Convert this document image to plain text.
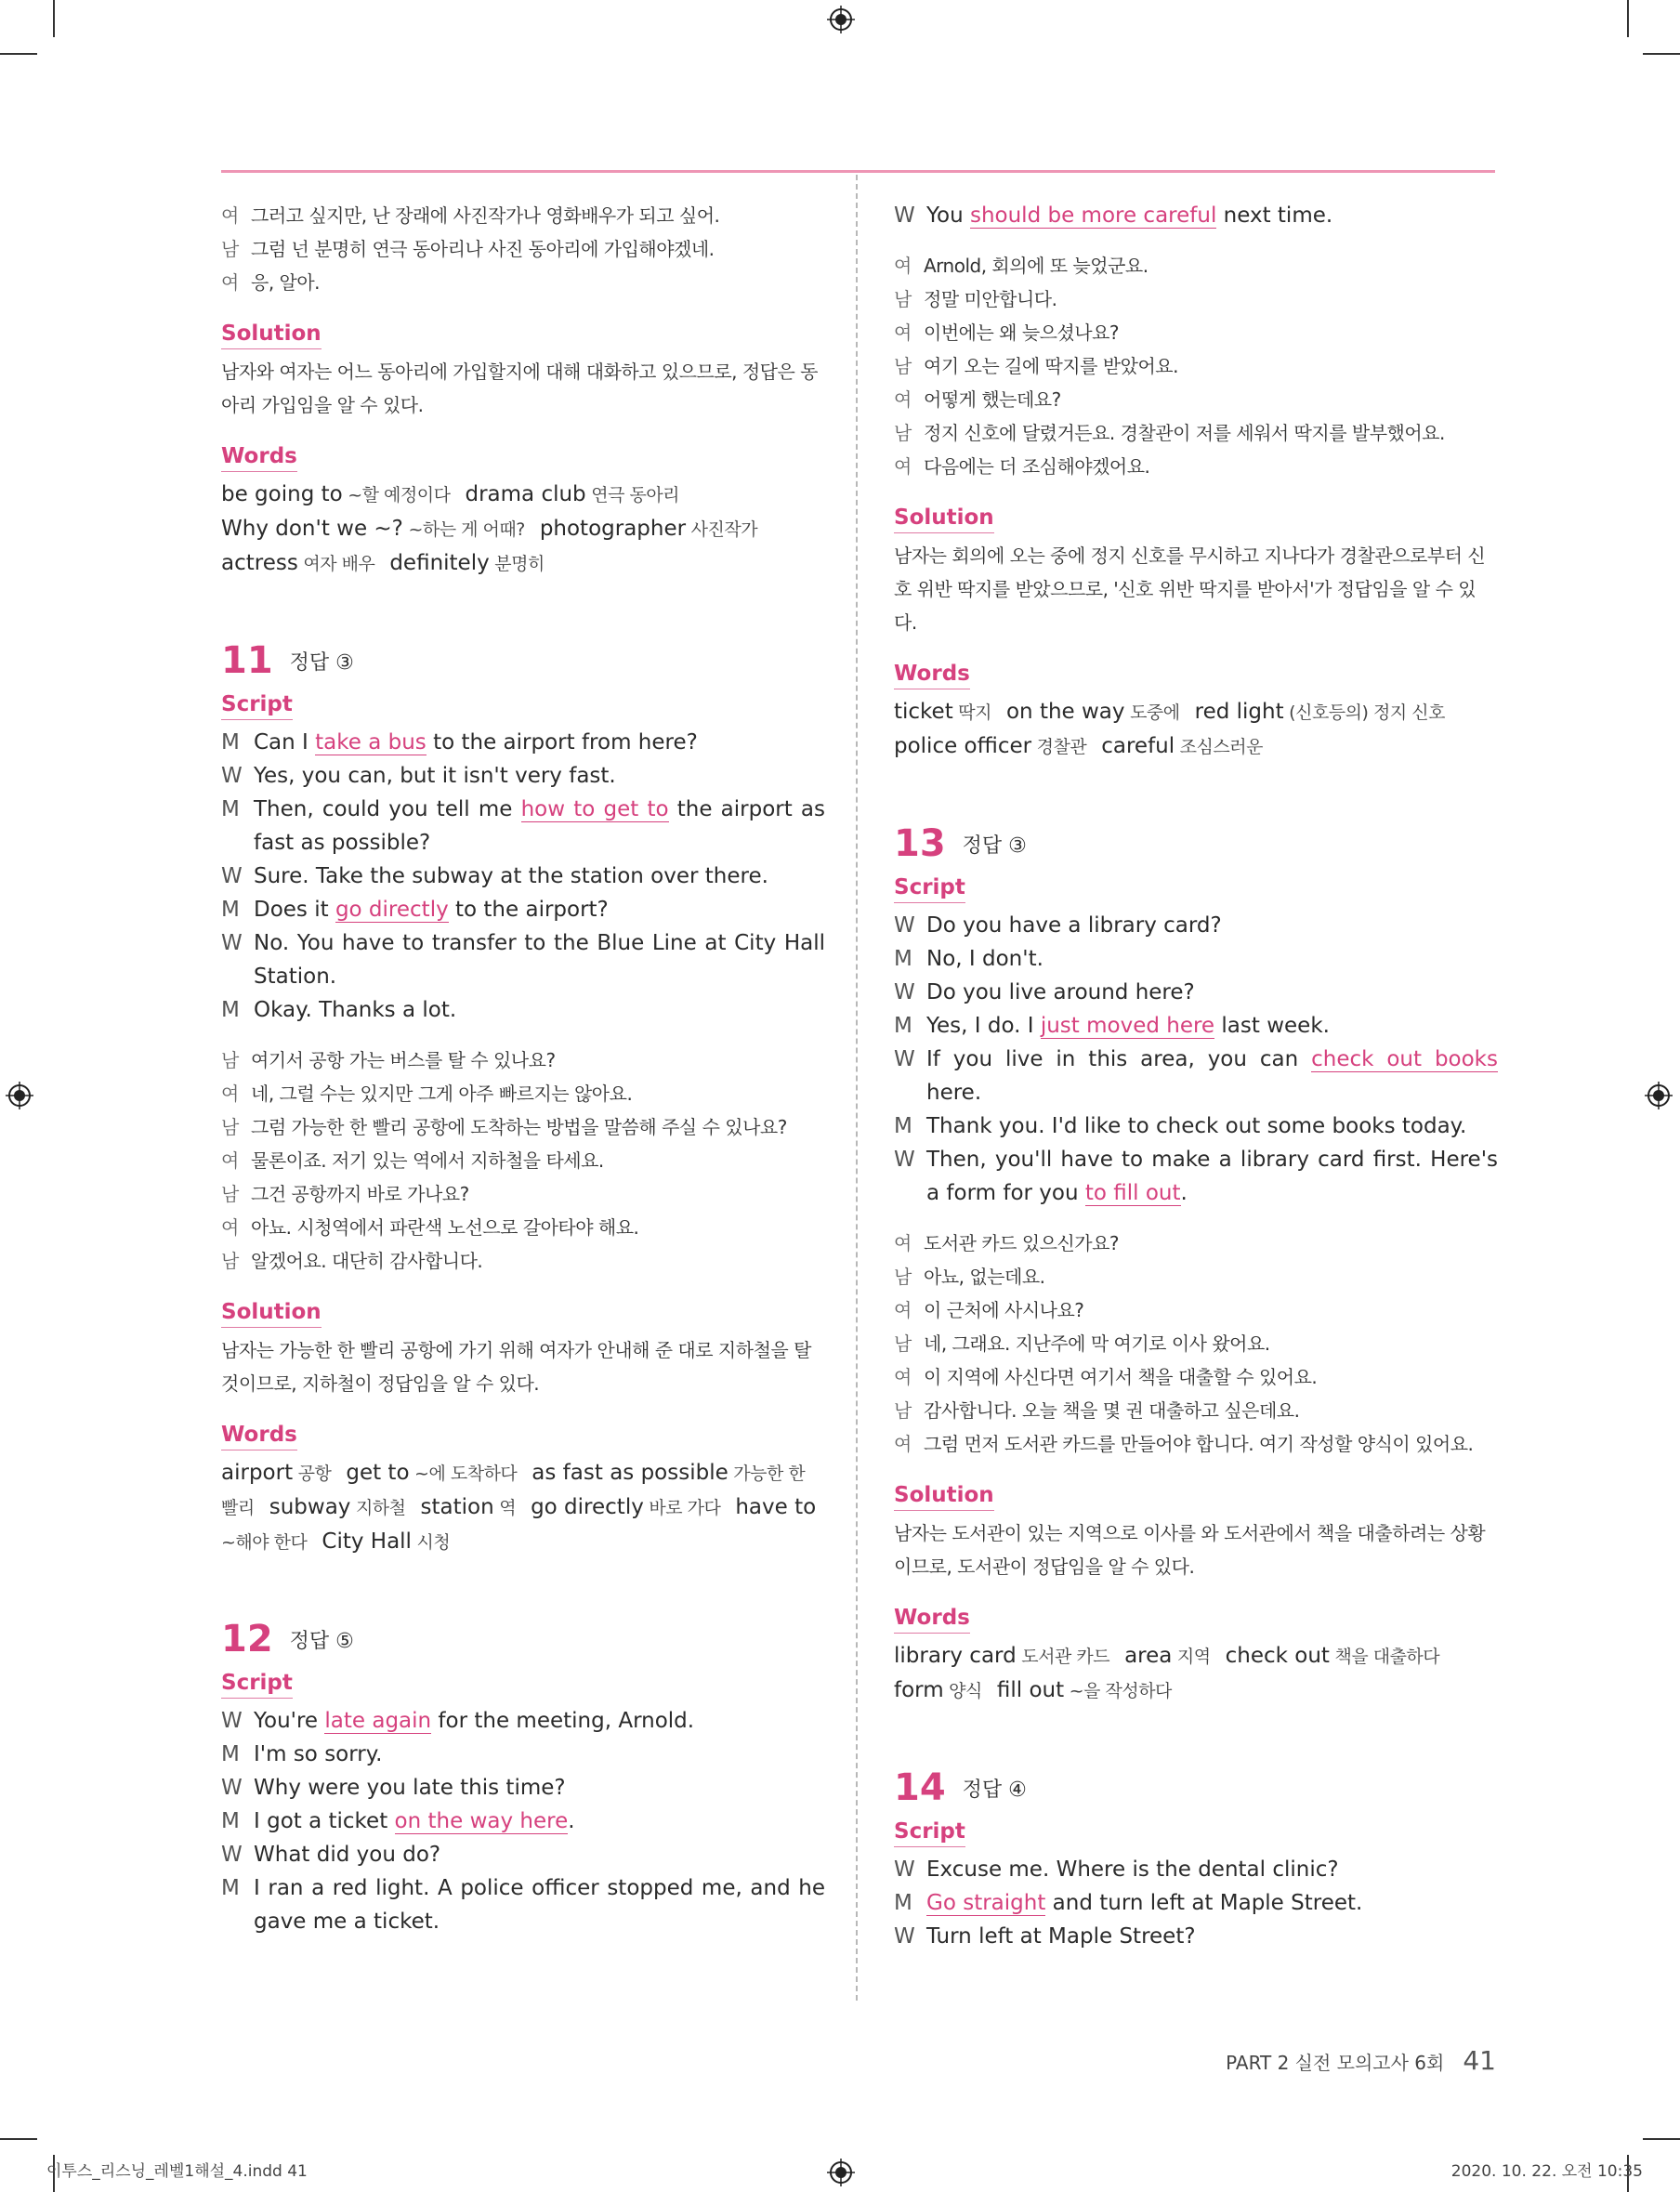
여 그러고 싶지만, 난 장래에 사진작가나 영화배우가 되고 싶어.
남 그럼 넌 분명히 연극 동아리나 사진 동아리에 가입해야겠네.
여 응, 알아.
Solution
남자와 여자는 어느 동아리에 가입할지에 대해 대화하고 있으므로, 정답은 동아리 가입임을 알 수 있다.
Words
be going to ~할 예정이다 drama club 연극 동아리Why don't we ~? ~하는 게 어때? photographer 사진작가actress 여자 배우 definitely 분명히
11 정답 ③
Script
M Can I take a bus to the airport from here?
W Yes, you can, but it isn't very fast.
M Then, could you tell me how to get to the airport as fast as possible?
W Sure. Take the subway at the station over there.
M Does it go directly to the airport?
W No. You have to transfer to the Blue Line at City Hall Station.
M Okay. Thanks a lot.
남 여기서 공항 가는 버스를 탈 수 있나요?
여 네, 그럴 수는 있지만 그게 아주 빠르지는 않아요.
남 그럼 가능한 한 빨리 공항에 도착하는 방법을 말씀해 주실 수 있나요?
여 물론이죠. 저기 있는 역에서 지하철을 타세요.
남 그건 공항까지 바로 가나요?
여 아뇨. 시청역에서 파란색 노선으로 갈아타야 해요.
남 알겠어요. 대단히 감사합니다.
Solution
남자는 가능한 한 빨리 공항에 가기 위해 여자가 안내해 준 대로 지하철을 탈 것이므로, 지하철이 정답임을 알 수 있다.
Words
airport 공항 get to ~에 도착하다 as fast as possible 가능한 한 빨리 subway 지하철 station 역 go directly 바로 가다 have to ~해야 한다 City Hall 시청
12 정답 ⑤
Script
W You're late again for the meeting, Arnold.
M I'm so sorry.
W Why were you late this time?
M I got a ticket on the way here.
W What did you do?
M I ran a red light. A police officer stopped me, and he gave me a ticket.
W You should be more careful next time.
여 Arnold, 회의에 또 늦었군요.
남 정말 미안합니다.
여 이번에는 왜 늦으셨나요?
남 여기 오는 길에 딱지를 받았어요.
여 어떻게 했는데요?
남 정지 신호에 달렸거든요. 경찰관이 저를 세워서 딱지를 발부했어요.
여 다음에는 더 조심해야겠어요.
Solution
남자는 회의에 오는 중에 정지 신호를 무시하고 지나다가 경찰관으로부터 신호 위반 딱지를 받았으므로, '신호 위반 딱지를 받아서'가 정답임을 알 수 있다.
Words
ticket 딱지 on the way 도중에 red light (신호등의) 정지 신호police officer 경찰관 careful 조심스러운
13 정답 ③
Script
W Do you have a library card?
M No, I don't.
W Do you live around here?
M Yes, I do. I just moved here last week.
W If you live in this area, you can check out books here.
M Thank you. I'd like to check out some books today.
W Then, you'll have to make a library card first. Here's a form for you to fill out.
여 도서관 카드 있으신가요?
남 아뇨, 없는데요.
여 이 근처에 사시나요?
남 네, 그래요. 지난주에 막 여기로 이사 왔어요.
여 이 지역에 사신다면 여기서 책을 대출할 수 있어요.
남 감사합니다. 오늘 책을 몇 권 대출하고 싶은데요.
여 그럼 먼저 도서관 카드를 만들어야 합니다. 여기 작성할 양식이 있어요.
Solution
남자는 도서관이 있는 지역으로 이사를 와 도서관에서 책을 대출하려는 상황이므로, 도서관이 정답임을 알 수 있다.
Words
library card 도서관 카드 area 지역 check out 책을 대출하다form 양식 fill out ~을 작성하다
14 정답 ④
Script
W Excuse me. Where is the dental clinic?
M Go straight and turn left at Maple Street.
W Turn left at Maple Street?
PART 2 실전 모의고사 6회 41
이투스_리스닝_레벨1해설_4.indd 41	2020. 10. 22. 오전 10:35
